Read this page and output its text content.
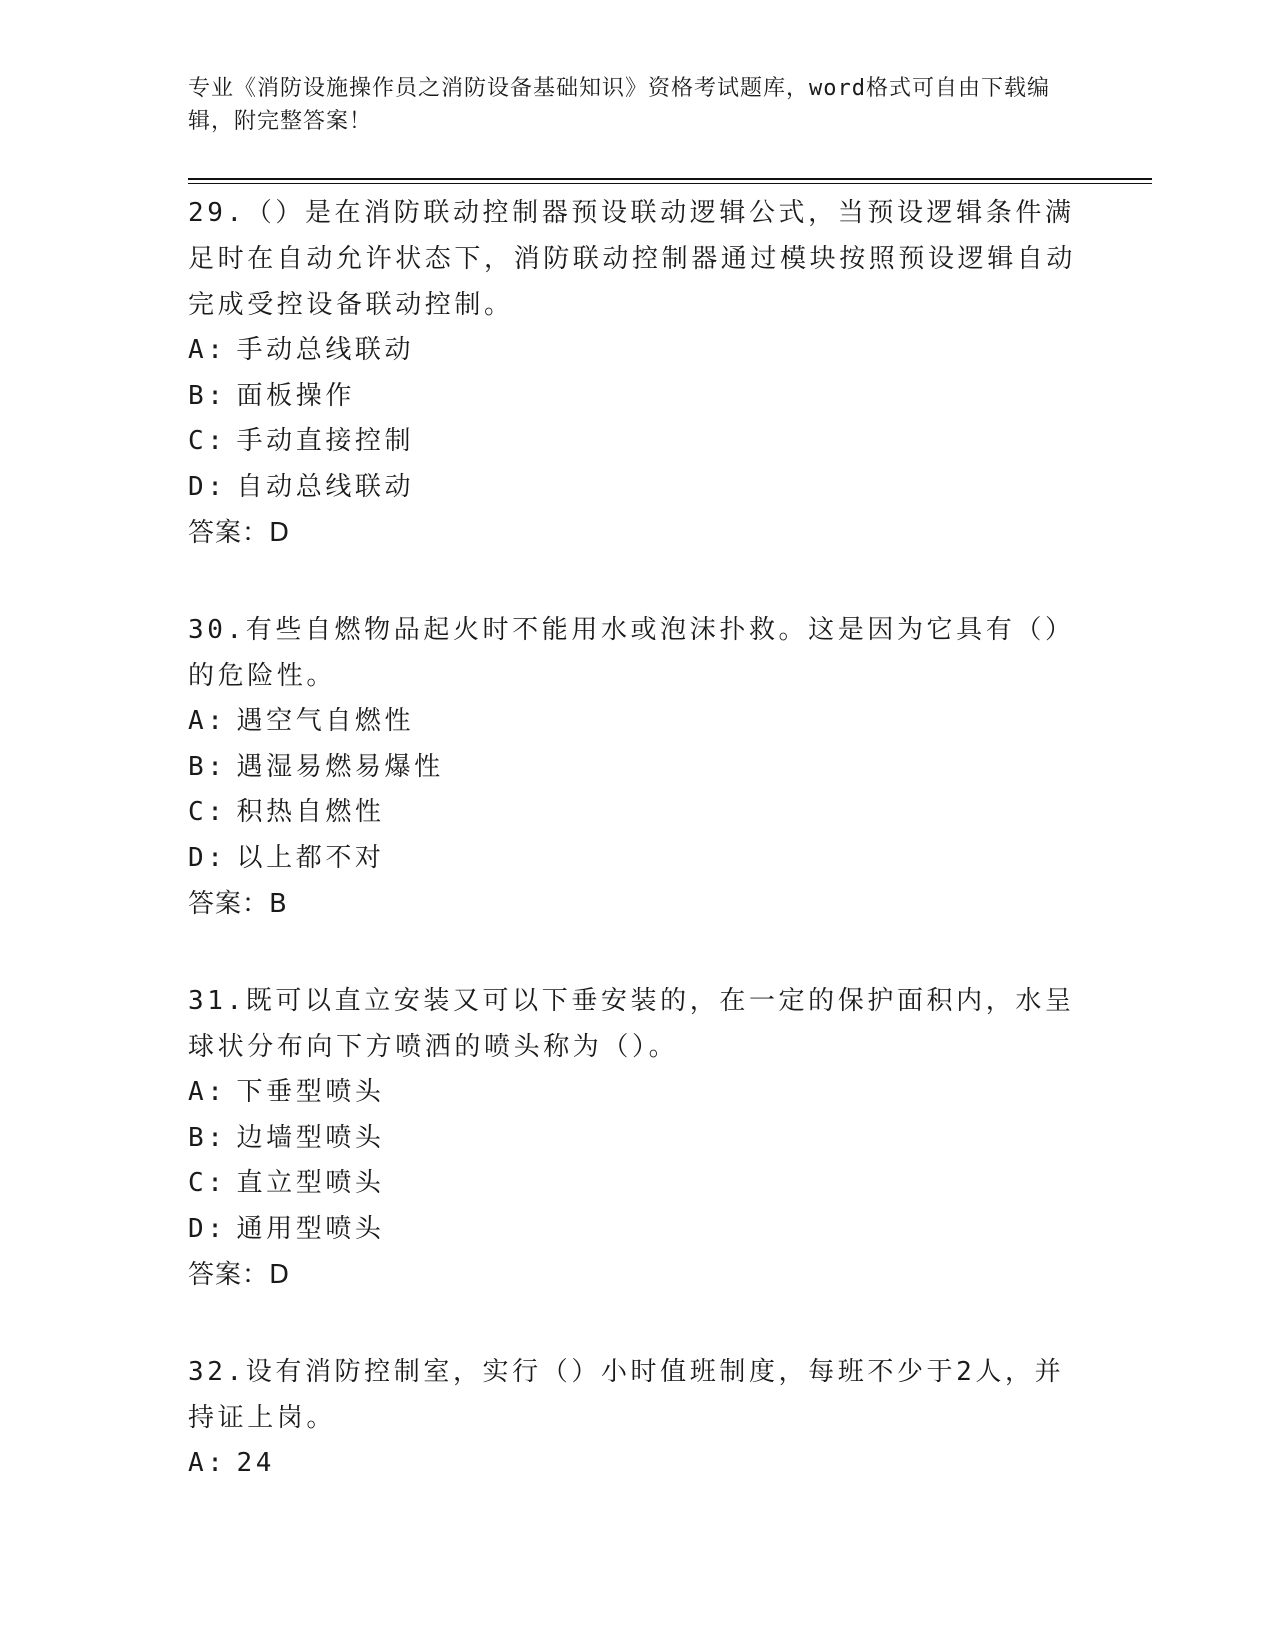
专业《消防设施操作员之消防设备基础知识》资格考试题库，word格式可自由下载编辑，附完整答案！
29.（）是在消防联动控制器预设联动逻辑公式，当预设逻辑条件满足时在自动允许状态下，消防联动控制器通过模块按照预设逻辑自动完成受控设备联动控制。
A: 手动总线联动
B: 面板操作
C: 手动直接控制
D: 自动总线联动
答案：D
30.有些自燃物品起火时不能用水或泡沫扑救。这是因为它具有（）的危险性。
A: 遇空气自燃性
B: 遇湿易燃易爆性
C: 积热自燃性
D: 以上都不对
答案：B
31.既可以直立安装又可以下垂安装的，在一定的保护面积内，水呈球状分布向下方喷洒的喷头称为（）。
A: 下垂型喷头
B: 边墙型喷头
C: 直立型喷头
D: 通用型喷头
答案：D
32.设有消防控制室，实行（）小时值班制度，每班不少于2人，并持证上岗。
A: 24
